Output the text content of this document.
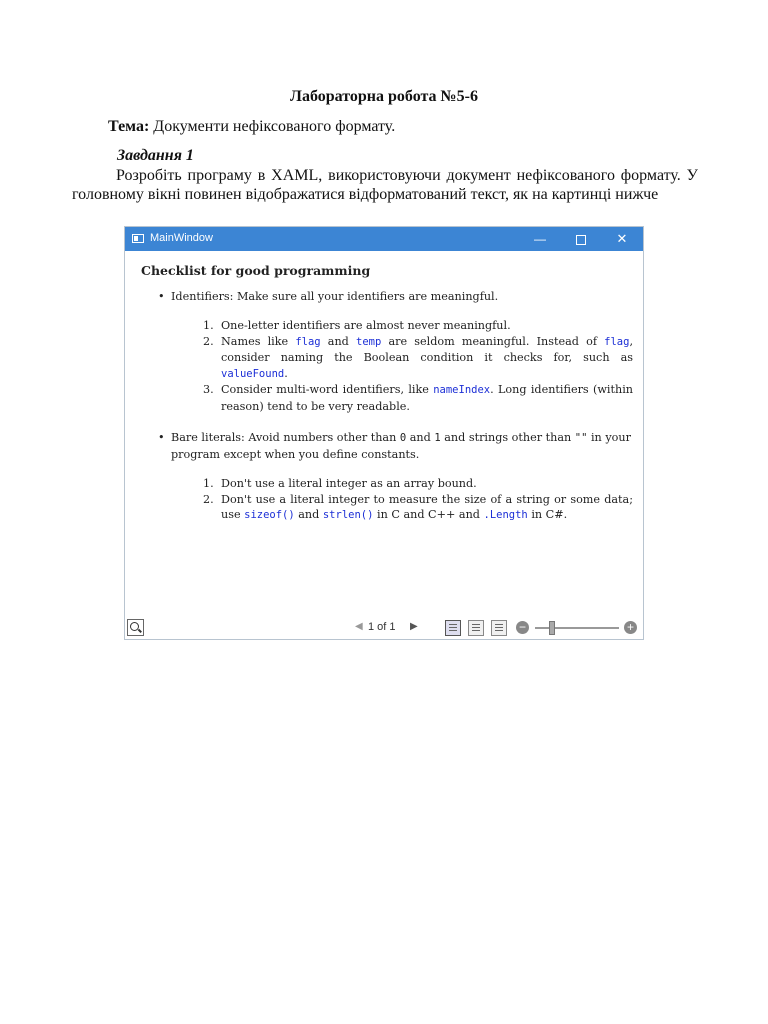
Лабораторна робота №5-6
Тема: Документи нефіксованого формату.
Завдання 1
Розробіть програму в XAML, використовуючи документ нефіксованого формату. У головному вікні повинен відображатися відформатований текст, як на картинці нижче
MainWindow	—	✕
Checklist for good programming

• Identifiers: Make sure all your identifiers are meaningful.

1. One-letter identifiers are almost never meaningful.

2. Names like flag and temp are seldom meaningful. Instead of flag, consider naming the Boolean condition it checks for, such as valueFound.

3. Consider multi-word identifiers, like nameIndex. Long identifiers (within reason) tend to be very readable.

• Bare literals: Avoid numbers other than 0 and 1 and strings other than "" in your program except when you define constants.

1. Don't use a literal integer as an array bound.

2. Don't use a literal integer to measure the size of a string or some data; use sizeof() and strlen() in C and C++ and .Length in C#.

◀ 1 of 1 ▶	−	+
